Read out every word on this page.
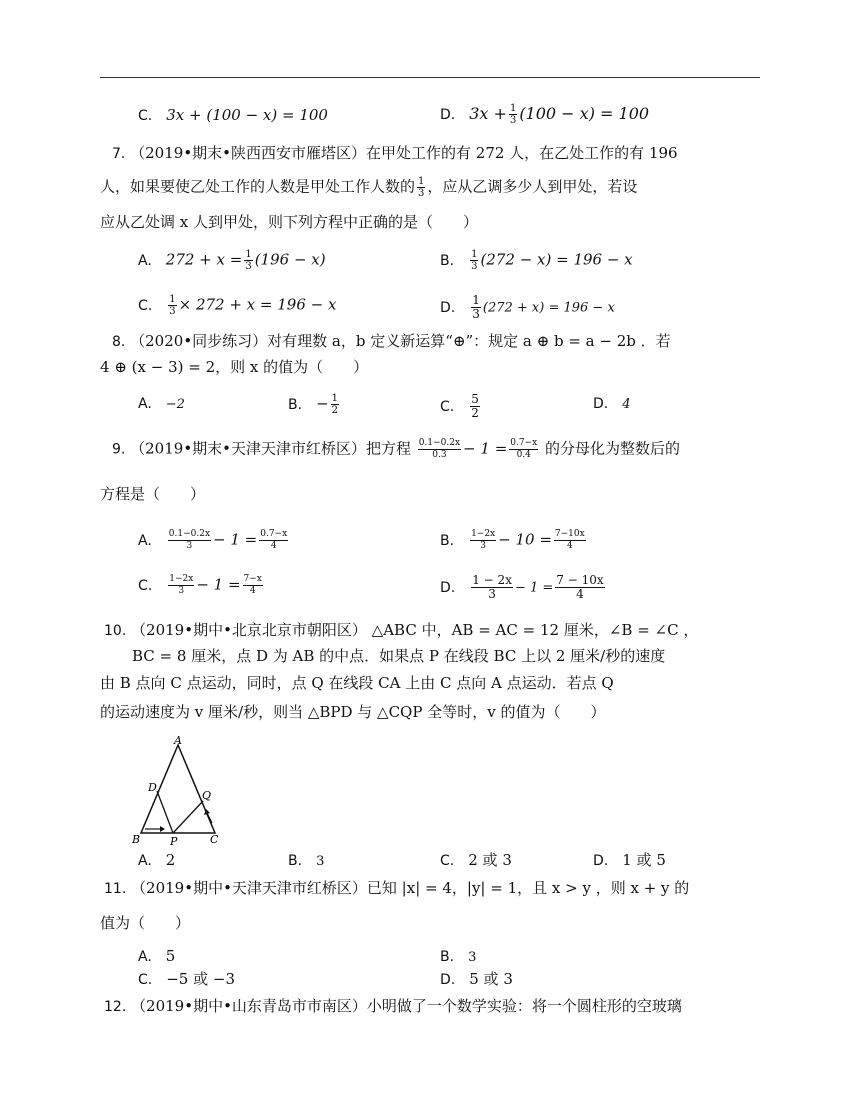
C. 3x + (100 − x) = 100	D. $3x + \frac{1}{3} (100 - x) = 100$
7. （2019•期末•陕西西安市雁塔区）在甲处工作的有 272 人，在乙处工作的有 196
人，如果要使乙处工作的人数是甲处工作人数的 $\frac{1}{3}$ ，应从乙调多少人到甲处，若设
应从乙处调 x 人到甲处，则下列方程中正确的是（　　）
A. $272 + x = \frac{1}{3} (196 - x)$	B. $\frac{1}{3} (272 - x) = 196 - x$
C. $\frac{1}{3} \times 272 + x = 196 - x$	D. $\frac{1}{3} (272 + x) = 196 - x$
8. （2020•同步练习）对有理数 a，b 定义新运算“⊕”：规定 a ⊕ b = a − 2b ．若
4 ⊕ (x − 3) = 2，则 x 的值为（　　）
A. −2	B. − $\frac{1}{2}$	C. $\frac{5}{2}$	D. 4
9. （2019•期末•天津天津市红桥区）把方程 $\frac{0.1-0.2x}{0.3} - 1 = \frac{0.7-x}{0.4}$ 的分母化为整数后的
方程是（　　）
A. $\frac{0.1-0.2x}{3} - 1 = \frac{0.7-x}{4}$	B. $\frac{1-2x}{3} - 10 = \frac{7-10x}{4}$
C. $\frac{1-2x}{3} - 1 = \frac{7-x}{4}$	D. $\frac{1 - 2x}{3} - 1 = \frac{7 - 10x}{4}$
10. （2019•期中•北京北京市朝阳区） △ABC 中，AB = AC = 12 厘米，∠B = ∠C ，
BC = 8 厘米，点 D 为 AB 的中点．如果点 P 在线段 BC 上以 2 厘米/秒的速度
由 B 点向 C 点运动，同时，点 Q 在线段 CA 上由 C 点向 A 点运动．若点 Q
的运动速度为 v 厘米/秒，则当 △BPD 与 △CQP 全等时，v 的值为（　　）
A
D
Q
B	P	C
A. 2	B. 3	C. 2 或 3	D. 1 或 5
11. （2019•期中•天津天津市红桥区）已知 |x| = 4，|y| = 1，且 x > y ，则 x + y 的
值为（　　）
A. 5	B. 3
C. −5 或 −3	D. 5 或 3
12. （2019•期中•山东青岛市市南区）小明做了一个数学实验：将一个圆柱形的空玻璃
